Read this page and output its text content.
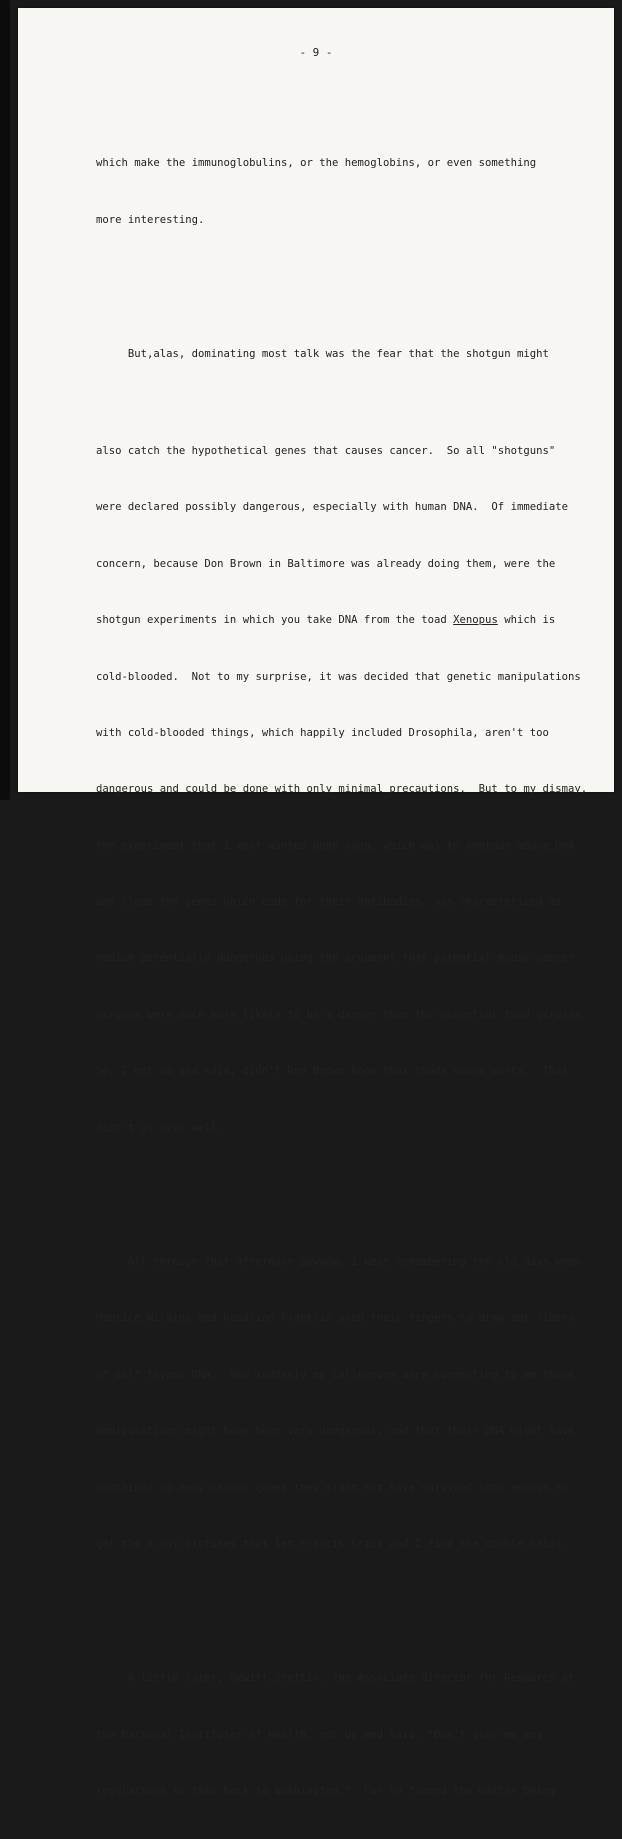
- 9 -

which make the immunoglobulins, or the hemoglobins, or even something

more interesting.

But,alas, dominating most talk was the fear that the shotgun might

also catch the hypothetical genes that causes cancer.  So all "shotguns"

were declared possibly dangerous, especially with human DNA.  Of immediate

concern, because Don Brown in Baltimore was already doing them, were the

shotgun experiments in which you take DNA from the toad Xenopus which is

cold-blooded.  Not to my surprise, it was decided that genetic manipulations

with cold-blooded things, which happily included Drosophila, aren't too

dangerous and could be done with only minimal precautions.  But to my dismay,

the experiment that I most wanted done soon, which was to shotgun mouse DNA

and clone the genes which code for their antibodies, was characterized as

medium potentially dangerous using the argument that potential mouse cancer

viruses were much more likely to be a danger than the potential toad viruses.

So, I got up and said, didn't Don Brown know that toads cause warts.  That

didn't go over well.

All through that afternoon powwow, I kept remembering the old days when

Maurice Wilkins and Rosalind Franklin used their fingers to draw out fibers

of calf thymus DNA.  Now suddenly my colleagues were suggesting to me these

manipulations might have been very dangerous, and that their DNA might have

contained so many cancer genes they might not have survived long enough to

get the X-ray pictures that let Francis Crick and I find the double helix.

A little later, Dewitt Stettin, the Associate Director for Research at

the National Institutes of Health, got up and said, "Don't give me any

regulations to take back to Washington."  For he feared the matter being
